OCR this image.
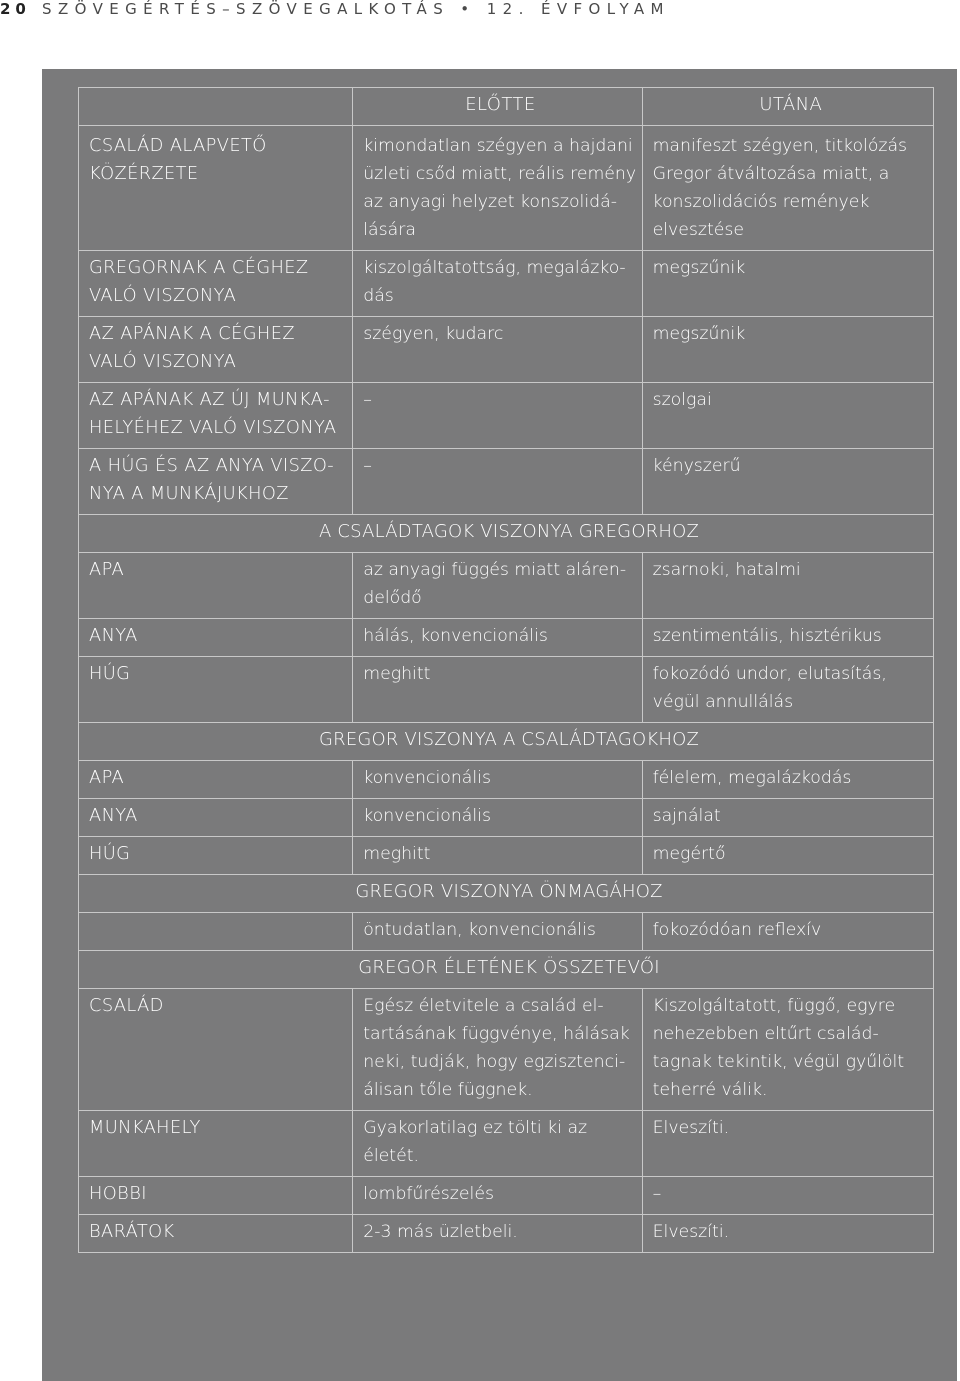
20 SZÖVEGÉRTÉS–SZÖVEGALKOTÁS • 12. ÉVFOLYAM
	ELŐTTE	UTÁNA
CSALÁD ALAPVETŐ KÖZÉRZETE	kimondatlan szégyen a hajdani üzleti csőd miatt, reális remény az anyagi helyzet konszolidálására	manifeszt szégyen, titkolózás Gregor átváltozása miatt, a konszolidációs remények elvesztése
GREGORNAK A CÉGHEZ VALÓ VISZONYA	kiszolgáltatottság, megalázkodás	megszűnik
AZ APÁNAK A CÉGHEZ VALÓ VISZONYA	szégyen, kudarc	megszűnik
AZ APÁNAK AZ ÚJ MUNKAHELYÉHEZ VALÓ VISZONYA	–	szolgai
A HÚG ÉS AZ ANYA VISZONYA A MUNKÁJUKHOZ	–	kényszerű
A CSALÁDTAGOK VISZONYA GREGORHOZ		
APA	az anyagi függés miatt alárendelődő	zsarnoki, hatalmi
ANYA	hálás, konvencionális	szentimentális, hisztérikus
HÚG	meghitt	fokozódó undor, elutasítás, végül annullálás
GREGOR VISZONYA A CSALÁDTAGOKHOZ		
APA	konvencionális	félelem, megalázkodás
ANYA	konvencionális	sajnálat
HÚG	meghitt	megértő
GREGOR VISZONYA ÖNMAGÁHOZ		
	öntudatlan, konvencionális	fokozódóan reflexív
GREGOR ÉLETÉNEK ÖSSZETEVŐI		
CSALÁD	Egész életvitele a család eltartásának függvénye, hálásak neki, tudják, hogy egzisztenciálisan tőle függnek.	Kiszolgáltatott, függő, egyre nehezebben eltűrt családtagnak tekintik, végül gyűlölt teherré válik.
MUNKAHELY	Gyakorlatilag ez tölti ki az életét.	Elveszíti.
HOBBI	lombfűrészelés	–
BARÁTOK	2-3 más üzletbeli.	Elveszíti.
